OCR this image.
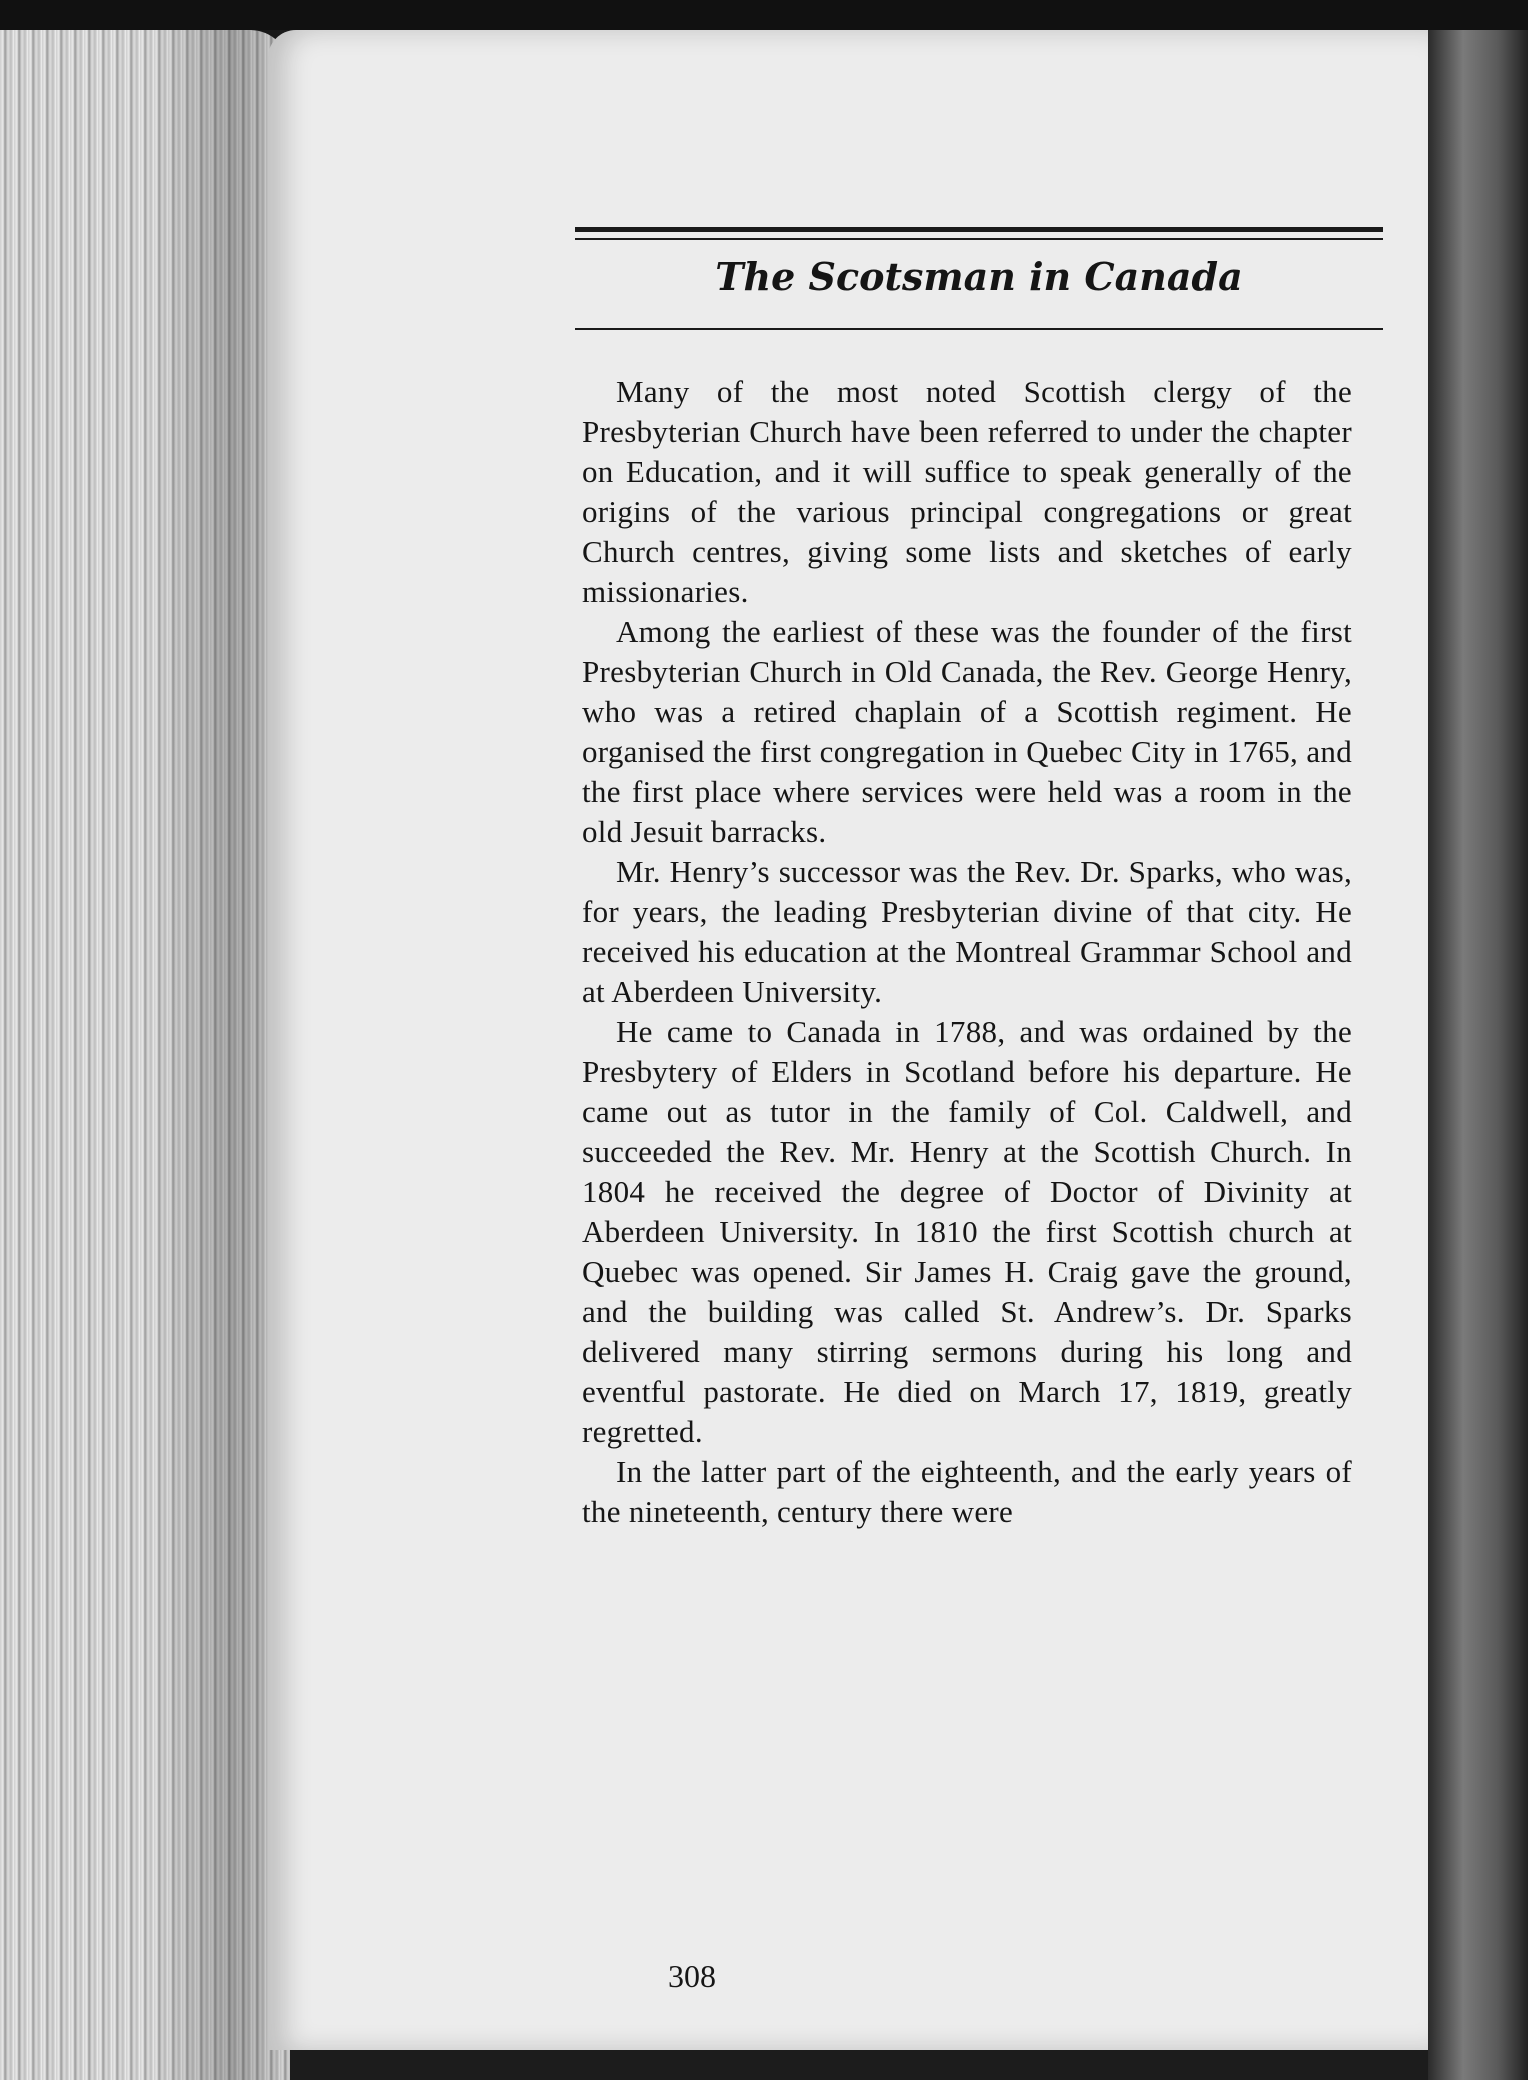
The Scotsman in Canada

Many of the most noted Scottish clergy of the Presbyterian Church have been referred to under the chapter on Education, and it will suffice to speak generally of the origins of the various principal congregations or great Church centres, giving some lists and sketches of early missionaries.

Among the earliest of these was the founder of the first Presbyterian Church in Old Canada, the Rev. George Henry, who was a retired chaplain of a Scottish regiment. He organised the first congregation in Quebec City in 1765, and the first place where services were held was a room in the old Jesuit barracks.

Mr. Henry’s successor was the Rev. Dr. Sparks, who was, for years, the leading Presbyterian divine of that city. He received his education at the Montreal Grammar School and at Aberdeen University.

He came to Canada in 1788, and was ordained by the Presbytery of Elders in Scotland before his departure. He came out as tutor in the family of Col. Caldwell, and succeeded the Rev. Mr. Henry at the Scottish Church. In 1804 he received the degree of Doctor of Divinity at Aberdeen University. In 1810 the first Scottish church at Quebec was opened. Sir James H. Craig gave the ground, and the building was called St. Andrew’s. Dr. Sparks delivered many stirring sermons during his long and eventful pastorate. He died on March 17, 1819, greatly regretted.

In the latter part of the eighteenth, and the early years of the nineteenth, century there were

308
